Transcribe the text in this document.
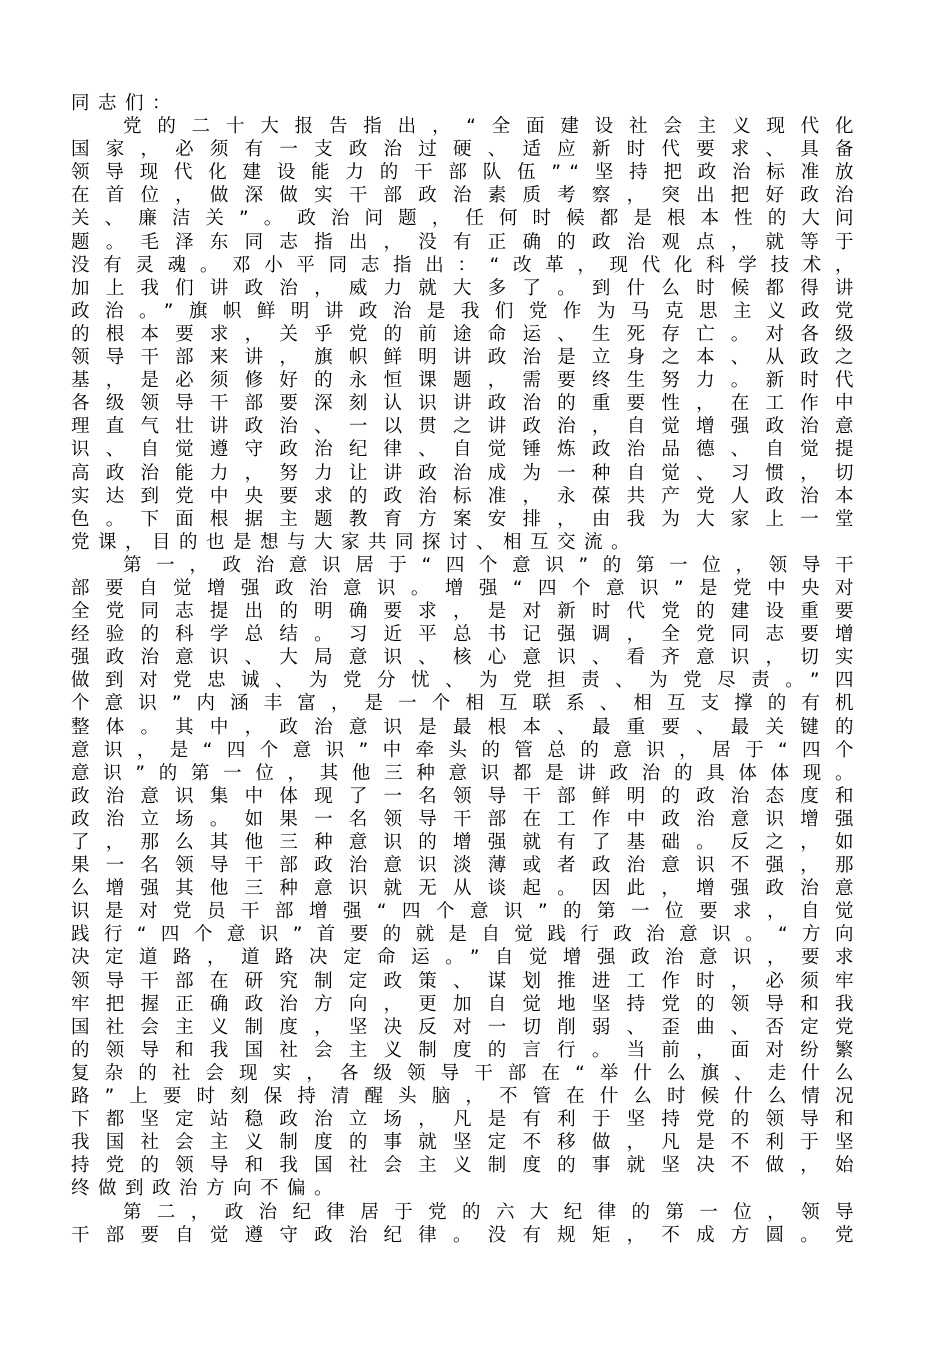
同志们：
党的二十大报告指出，“全面建设社会主义现代化
国家，必须有一支政治过硬、适应新时代要求、具备
领导现代化建设能力的干部队伍”“坚持把政治标准放
在首位，做深做实干部政治素质考察，突出把好政治
关、廉洁关”。政治问题，任何时候都是根本性的大问
题。毛泽东同志指出，没有正确的政治观点，就等于
没有灵魂。邓小平同志指出：“改革，现代化科学技术，
加上我们讲政治，威力就大多了。到什么时候都得讲
政治。”旗帜鲜明讲政治是我们党作为马克思主义政党
的根本要求，关乎党的前途命运、生死存亡。对各级
领导干部来讲，旗帜鲜明讲政治是立身之本、从政之
基，是必须修好的永恒课题，需要终生努力。新时代
各级领导干部要深刻认识讲政治的重要性，在工作中
理直气壮讲政治、一以贯之讲政治，自觉增强政治意
识、自觉遵守政治纪律、自觉锤炼政治品德、自觉提
高政治能力，努力让讲政治成为一种自觉、习惯，切
实达到党中央要求的政治标准，永葆共产党人政治本
色。下面根据主题教育方案安排，由我为大家上一堂
党课，目的也是想与大家共同探讨、相互交流。
第一，政治意识居于“四个意识”的第一位，领导干
部要自觉增强政治意识。增强“四个意识”是党中央对
全党同志提出的明确要求，是对新时代党的建设重要
经验的科学总结。习近平总书记强调，全党同志要增
强政治意识、大局意识、核心意识、看齐意识，切实
做到对党忠诚、为党分忧、为党担责、为党尽责。”四
个意识”内涵丰富，是一个相互联系、相互支撑的有机
整体。其中，政治意识是最根本、最重要、最关键的
意识，是“四个意识”中牵头的管总的意识，居于“四个
意识”的第一位，其他三种意识都是讲政治的具体体现。
政治意识集中体现了一名领导干部鲜明的政治态度和
政治立场。如果一名领导干部在工作中政治意识增强
了，那么其他三种意识的增强就有了基础。反之，如
果一名领导干部政治意识淡薄或者政治意识不强，那
么增强其他三种意识就无从谈起。因此，增强政治意
识是对党员干部增强“四个意识”的第一位要求，自觉
践行“四个意识”首要的就是自觉践行政治意识。“方向
决定道路，道路决定命运。”自觉增强政治意识，要求
领导干部在研究制定政策、谋划推进工作时，必须牢
牢把握正确政治方向，更加自觉地坚持党的领导和我
国社会主义制度，坚决反对一切削弱、歪曲、否定党
的领导和我国社会主义制度的言行。当前，面对纷繁
复杂的社会现实，各级领导干部在“举什么旗、走什么
路”上要时刻保持清醒头脑，不管在什么时候什么情况
下都坚定站稳政治立场，凡是有利于坚持党的领导和
我国社会主义制度的事就坚定不移做，凡是不利于坚
持党的领导和我国社会主义制度的事就坚决不做，始
终做到政治方向不偏。
第二，政治纪律居于党的六大纪律的第一位，领导
干部要自觉遵守政治纪律。没有规矩，不成方圆。党
